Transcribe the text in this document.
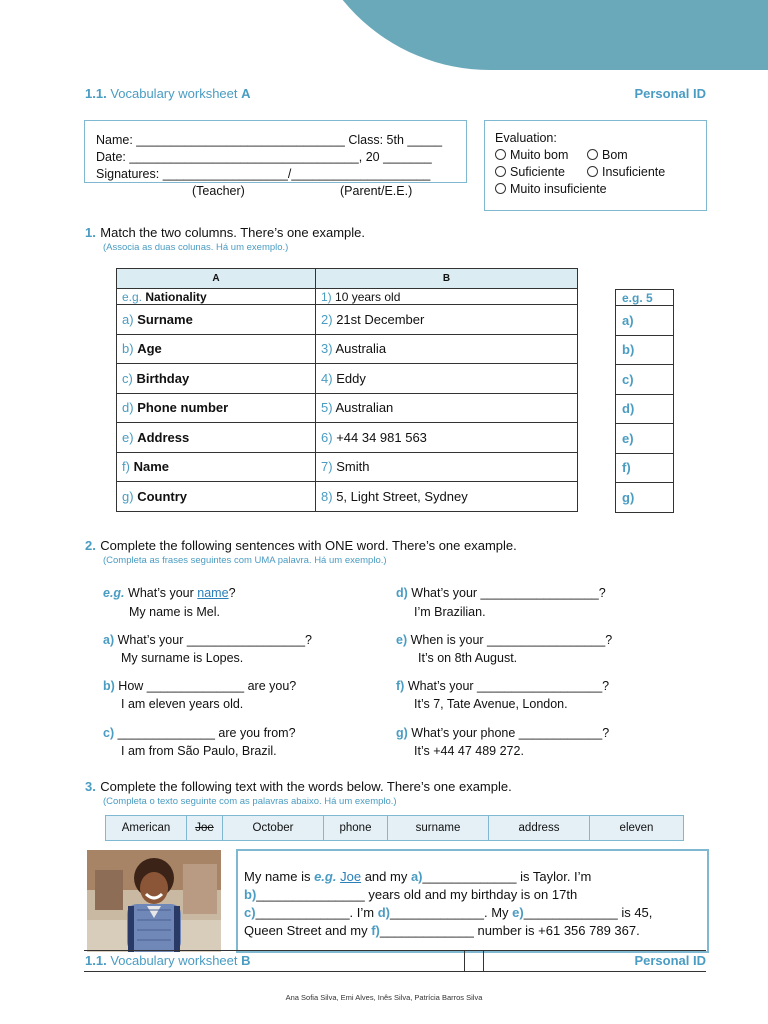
1.1. Vocabulary worksheet A	Personal ID
Name: ______________________________ Class: 5th _____
Date: _________________________________, 20 _______
Signatures: __________________/____________________
(Teacher)	(Parent/E.E.)
Evaluation:
Muito bom	Bom
Suficiente	Insuficiente
Muito insuficiente
1. Match the two columns. There’s one example.
(Associa as duas colunas. Há um exemplo.)
A	B
e.g. Nationality	1) 10 years old
a) Surname	2) 21st December
b) Age	3) Australia
c) Birthday	4) Eddy
d) Phone number	5) Australian
e) Address	6) +44 34 981 563
f) Name	7) Smith
g) Country	8) 5, Light Street, Sydney
e.g. 5
a)
b)
c)
d)
e)
f)
g)
2. Complete the following sentences with ONE word. There’s one example.
(Completa as frases seguintes com UMA palavra. Há um exemplo.)
e.g. What’s your name?
My name is Mel.
a) What’s your _________________?
My surname is Lopes.
b) How ______________ are you?
I am eleven years old.
c) ______________ are you from?
I am from São Paulo, Brazil.
d) What’s your _________________?
I’m Brazilian.
e) When is your _________________?
It’s on 8th August.
f) What’s your __________________?
It’s 7, Tate Avenue, London.
g) What’s your phone ____________?
It’s +44 47 489 272.
3. Complete the following text with the words below. There’s one example.
(Completa o texto seguinte com as palavras abaixo. Há um exemplo.)
American	Joe	October	phone	surname	address	eleven
My name is e.g. Joe and my a)_____________ is Taylor. I’m
b)_______________ years old and my birthday is on 17th
c)_____________. I’m d)_____________. My e)_____________ is 45,
Queen Street and my f)_____________ number is +61 356 789 367.
1.1. Vocabulary worksheet B	Personal ID
Ana Sofia Silva, Emi Alves, Inês Silva, Patrícia Barros Silva
